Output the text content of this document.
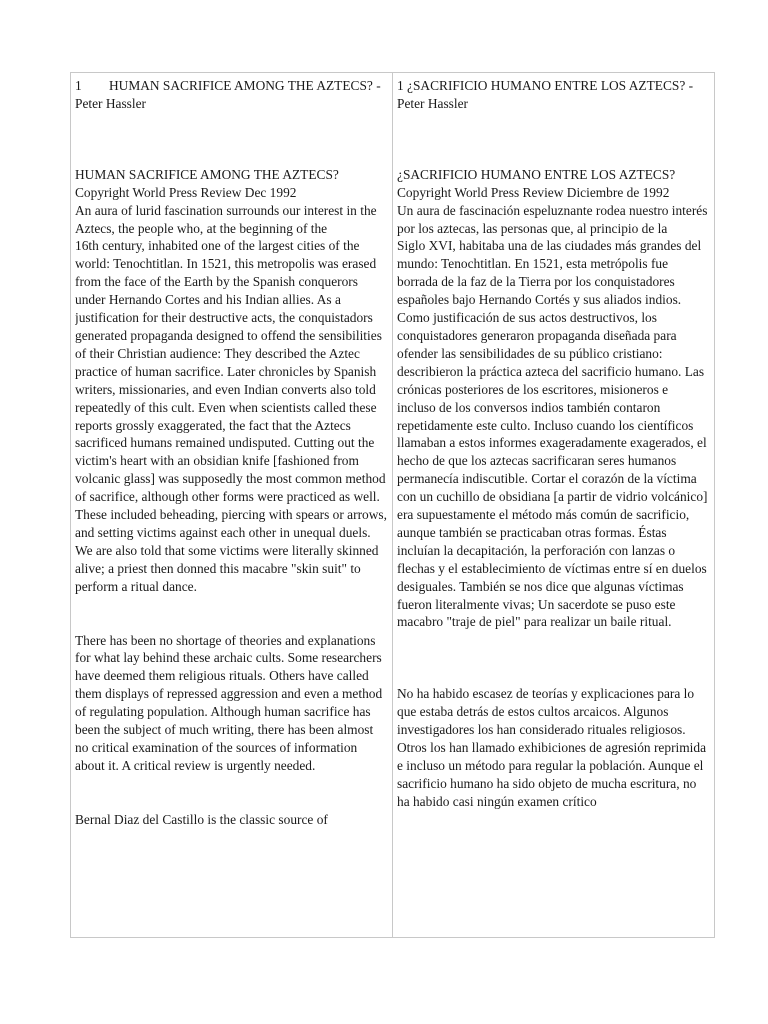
1 HUMAN SACRIFICE AMONG THE AZTECS? - Peter Hassler

HUMAN SACRIFICE AMONG THE AZTECS?

Copyright World Press Review Dec 1992

An aura of lurid fascination surrounds our interest in the Aztecs, the people who, at the beginning of the

16th century, inhabited one of the largest cities of the world: Tenochtitlan. In 1521, this metropolis was erased from the face of the Earth by the Spanish conquerors under Hernando Cortes and his Indian allies. As a justification for their destructive acts, the conquistadors generated propaganda designed to offend the sensibilities of their Christian audience: They described the Aztec practice of human sacrifice. Later chronicles by Spanish writers, missionaries, and even Indian converts also told repeatedly of this cult. Even when scientists called these reports grossly exaggerated, the fact that the Aztecs sacrificed humans remained undisputed. Cutting out the victim's heart with an obsidian knife [fashioned from volcanic glass] was supposedly the most common method of sacrifice, although other forms were practiced as well. These included beheading, piercing with spears or arrows, and setting victims against each other in unequal duels. We are also told that some victims were literally skinned alive; a priest then donned this macabre "skin suit" to perform a ritual dance.

There has been no shortage of theories and explanations for what lay behind these archaic cults. Some researchers have deemed them religious rituals. Others have called them displays of repressed aggression and even a method of regulating population. Although human sacrifice has been the subject of much writing, there has been almost no critical examination of the sources of information about it. A critical review is urgently needed.

Bernal Diaz del Castillo is the classic source of

1 ¿SACRIFICIO HUMANO ENTRE LOS AZTECS? - Peter Hassler

¿SACRIFICIO HUMANO ENTRE LOS AZTECS? Copyright World Press Review Diciembre de 1992

Un aura de fascinación espeluznante rodea nuestro interés por los aztecas, las personas que, al principio de la

Siglo XVI, habitaba una de las ciudades más grandes del mundo: Tenochtitlan. En 1521, esta metrópolis fue borrada de la faz de la Tierra por los conquistadores españoles bajo Hernando Cortés y sus aliados indios. Como justificación de sus actos destructivos, los conquistadores generaron propaganda diseñada para ofender las sensibilidades de su público cristiano: describieron la práctica azteca del sacrificio humano. Las crónicas posteriores de los escritores, misioneros e incluso de los conversos indios también contaron repetidamente este culto. Incluso cuando los científicos llamaban a estos informes exageradamente exagerados, el hecho de que los aztecas sacrificaran seres humanos permanecía indiscutible. Cortar el corazón de la víctima con un cuchillo de obsidiana [a partir de vidrio volcánico] era supuestamente el método más común de sacrificio, aunque también se practicaban otras formas. Éstas incluían la decapitación, la perforación con lanzas o flechas y el establecimiento de víctimas entre sí en duelos desiguales. También se nos dice que algunas víctimas fueron literalmente vivas; Un sacerdote se puso este macabro "traje de piel" para realizar un baile ritual.

No ha habido escasez de teorías y explicaciones para lo que estaba detrás de estos cultos arcaicos. Algunos investigadores los han considerado rituales religiosos. Otros los han llamado exhibiciones de agresión reprimida e incluso un método para regular la población. Aunque el sacrificio humano ha sido objeto de mucha escritura, no ha habido casi ningún examen crítico
